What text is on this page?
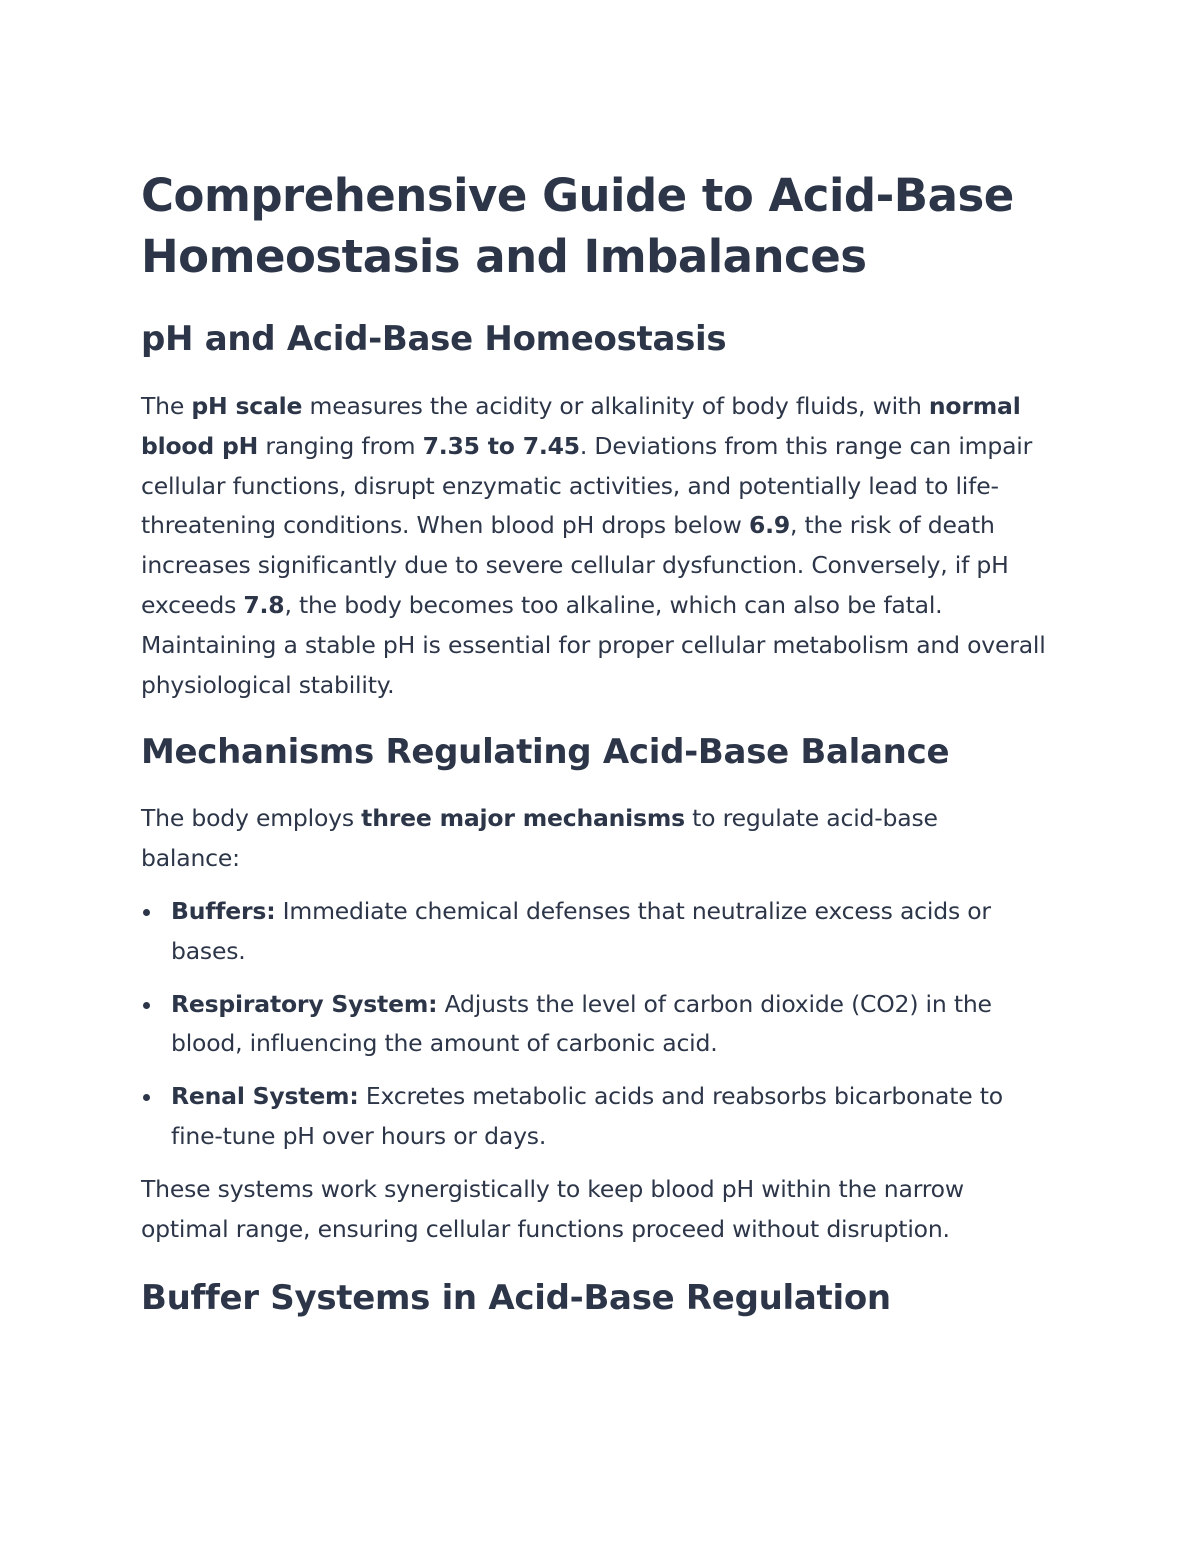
Comprehensive Guide to Acid-Base Homeostasis and Imbalances
pH and Acid-Base Homeostasis

The pH scale measures the acidity or alkalinity of body fluids, with normal blood pH ranging from 7.35 to 7.45. Deviations from this range can impair cellular functions, disrupt enzymatic activities, and potentially lead to life-threatening conditions. When blood pH drops below 6.9, the risk of death increases significantly due to severe cellular dysfunction. Conversely, if pH exceeds 7.8, the body becomes too alkaline, which can also be fatal. Maintaining a stable pH is essential for proper cellular metabolism and overall physiological stability.

Mechanisms Regulating Acid-Base Balance

The body employs three major mechanisms to regulate acid-base balance:

Buffers: Immediate chemical defenses that neutralize excess acids or bases.
Respiratory System: Adjusts the level of carbon dioxide (CO2) in the blood, influencing the amount of carbonic acid.
Renal System: Excretes metabolic acids and reabsorbs bicarbonate to fine-tune pH over hours or days.

These systems work synergistically to keep blood pH within the narrow optimal range, ensuring cellular functions proceed without disruption.

Buffer Systems in Acid-Base Regulation
